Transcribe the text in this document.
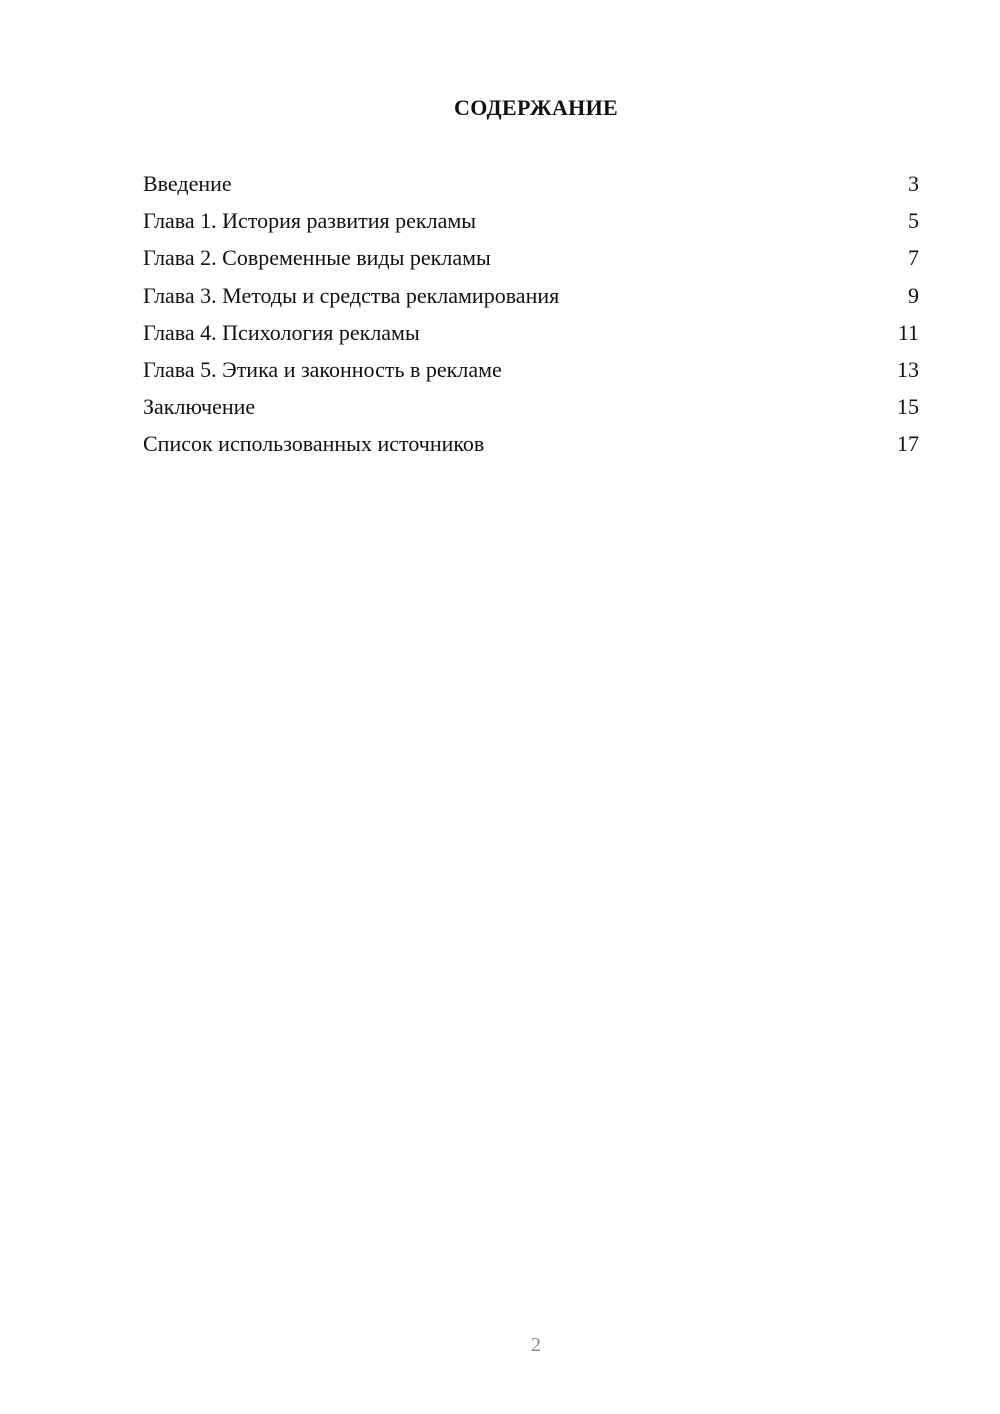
СОДЕРЖАНИЕ
Введение	3
Глава 1. История развития рекламы	5
Глава 2. Современные виды рекламы	7
Глава 3. Методы и средства рекламирования	9
Глава 4. Психология рекламы	11
Глава 5. Этика и законность в рекламе	13
Заключение	15
Список использованных источников	17
2
